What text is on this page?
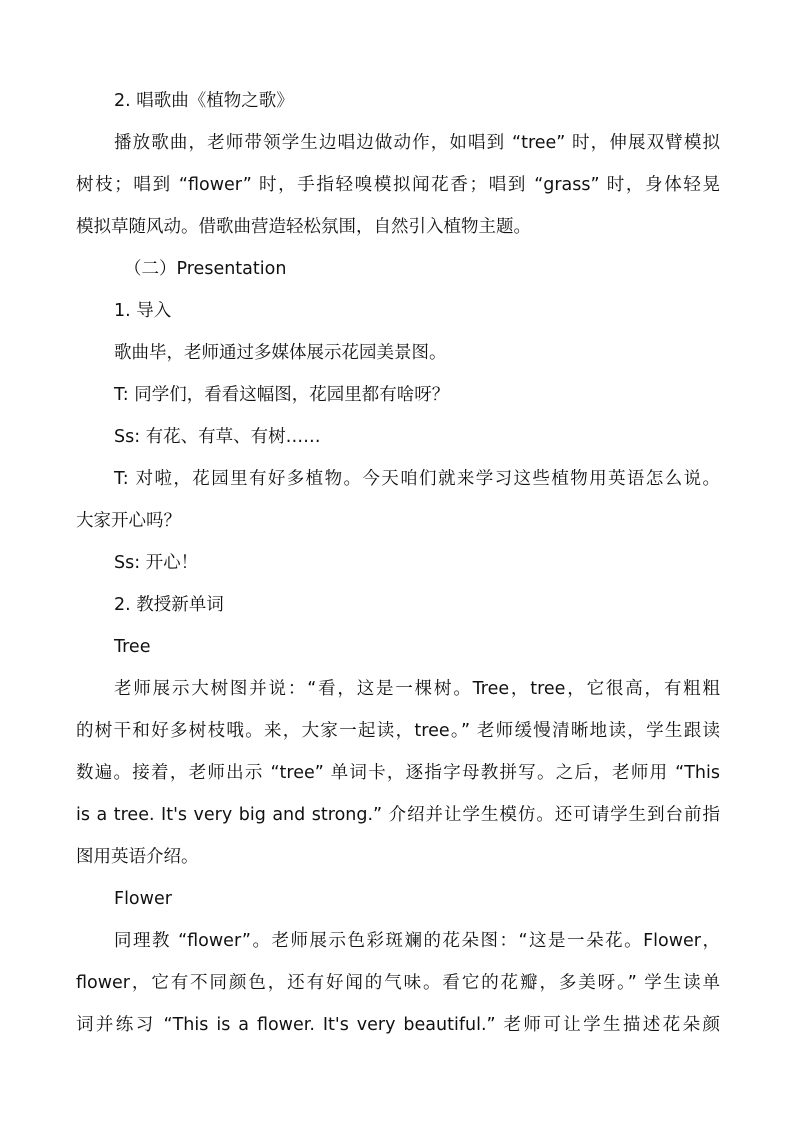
2. 唱歌曲《植物之歌》
播放歌曲，老师带领学生边唱边做动作，如唱到 “tree” 时，伸展双臂模拟
树枝；唱到 “flower” 时，手指轻嗅模拟闻花香；唱到 “grass” 时，身体轻晃
模拟草随风动。借歌曲营造轻松氛围，自然引入植物主题。
（二）Presentation
1. 导入
歌曲毕，老师通过多媒体展示花园美景图。
T: 同学们，看看这幅图，花园里都有啥呀？
Ss: 有花、有草、有树……
T: 对啦，花园里有好多植物。今天咱们就来学习这些植物用英语怎么说。
大家开心吗？
Ss: 开心！
2. 教授新单词
Tree
老师展示大树图并说：“看，这是一棵树。Tree，tree，它很高，有粗粗
的树干和好多树枝哦。来，大家一起读，tree。” 老师缓慢清晰地读，学生跟读
数遍。接着，老师出示 “tree” 单词卡，逐指字母教拼写。之后，老师用 “This
is a tree. It's very big and strong.” 介绍并让学生模仿。还可请学生到台前指
图用英语介绍。
Flower
同理教 “flower”。老师展示色彩斑斓的花朵图：“这是一朵花。Flower，
flower，它有不同颜色，还有好闻的气味。看它的花瓣，多美呀。” 学生读单
词并练习 “This is a flower. It's very beautiful.” 老师可让学生描述花朵颜
